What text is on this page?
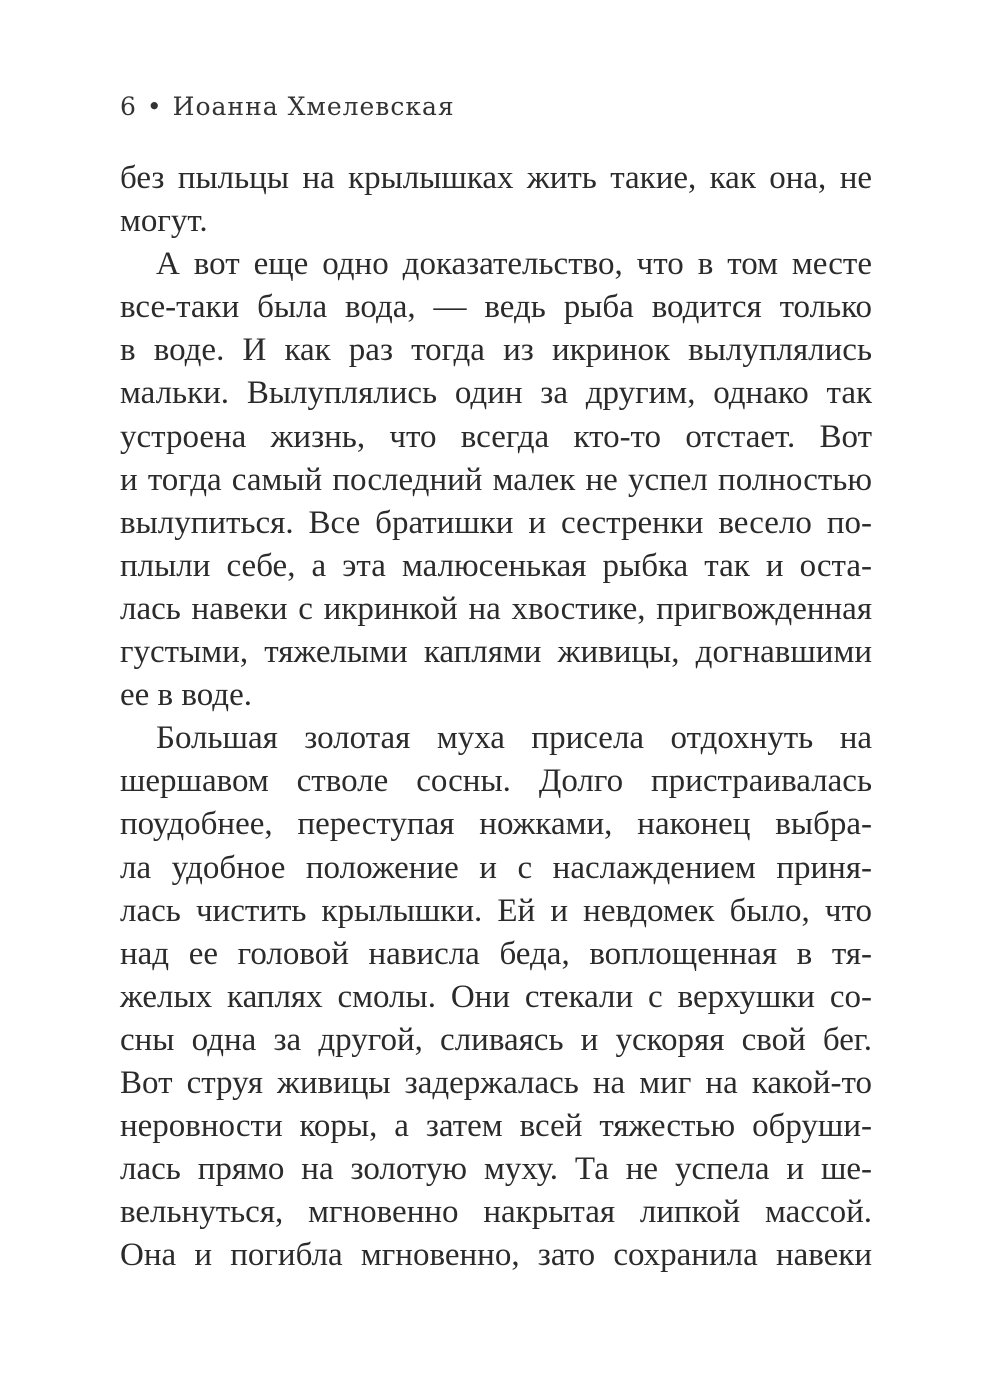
6 • Иоанна Хмелевская
без пыльцы на крылышках жить такие, как она, не
могут.
А вот еще одно доказательство, что в том месте
все-таки была вода, — ведь рыба водится только
в воде. И как раз тогда из икринок вылуплялись
мальки. Вылуплялись один за другим, однако так
устроена жизнь, что всегда кто-то отстает. Вот
и тогда самый последний малек не успел полностью
вылупиться. Все братишки и сестренки весело по-
плыли себе, а эта малюсенькая рыбка так и оста-
лась навеки с икринкой на хвостике, пригвожденная
густыми, тяжелыми каплями живицы, догнавшими
ее в воде.
Большая золотая муха присела отдохнуть на
шершавом стволе сосны. Долго пристраивалась
поудобнее, переступая ножками, наконец выбра-
ла удобное положение и с наслаждением приня-
лась чистить крылышки. Ей и невдомек было, что
над ее головой нависла беда, воплощенная в тя-
желых каплях смолы. Они стекали с верхушки со-
сны одна за другой, сливаясь и ускоряя свой бег.
Вот струя живицы задержалась на миг на какой-то
неровности коры, а затем всей тяжестью обруши-
лась прямо на золотую муху. Та не успела и ше-
вельнуться, мгновенно накрытая липкой массой.
Она и погибла мгновенно, зато сохранила навеки
